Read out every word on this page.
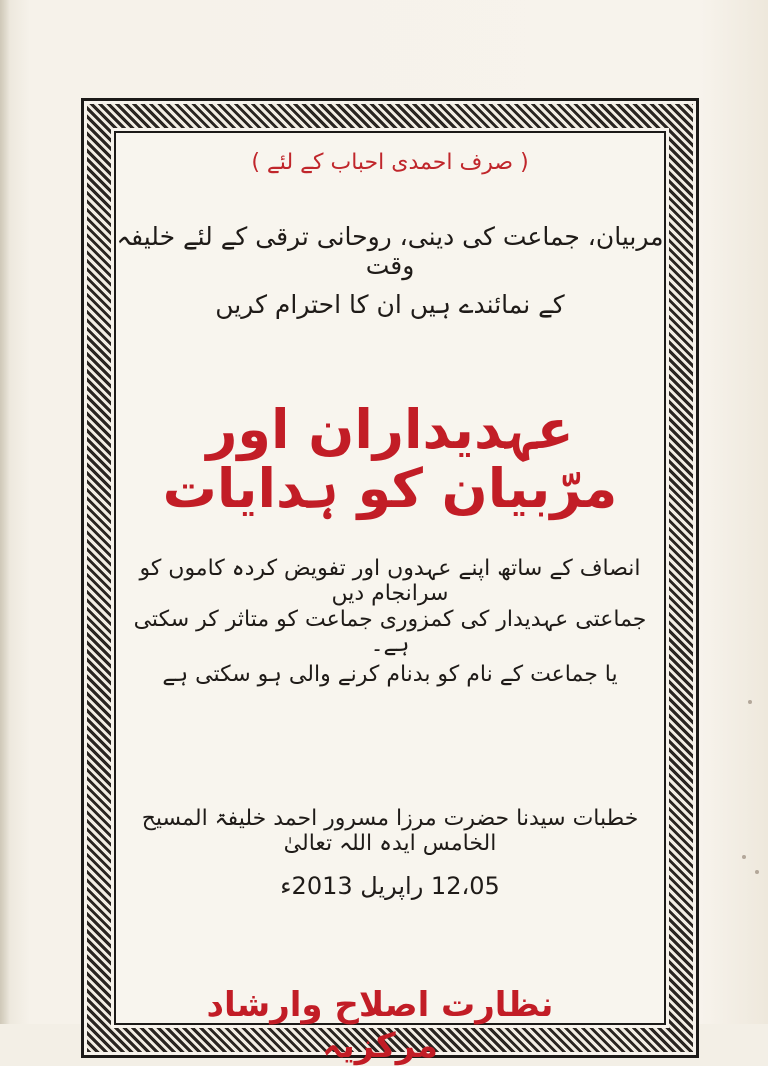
( صرف احمدی احباب کے لئے )
مربیان، جماعت کی دینی، روحانی ترقی کے لئے خلیفہ وقت
کے نمائندے ہیں ان کا احترام کریں
عہدیداران اور مرّبیان کو ہدایات
انصاف کے ساتھ اپنے عہدوں اور تفویض کردہ کاموں کو سرانجام دیں
جماعتی عہدیدار کی کمزوری جماعت کو متاثر کر سکتی ہے۔
یا جماعت کے نام کو بدنام کرنے والی ہو سکتی ہے
خطبات سیدنا حضرت مرزا مسرور احمد خلیفۃ المسیح الخامس ایدہ اللہ تعالیٰ
12،05 راپریل 2013ء
نظارت اصلاح وارشاد مرکزیہ
